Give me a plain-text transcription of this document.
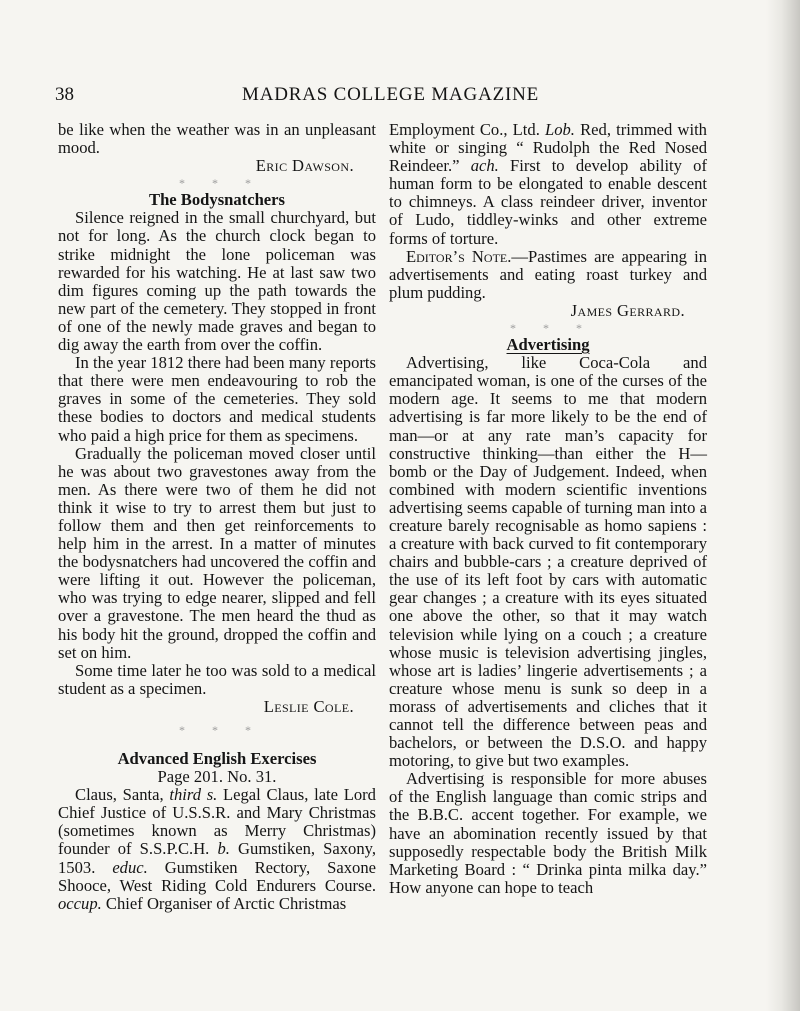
38	MADRAS COLLEGE MAGAZINE

be like when the weather was in an unpleasant mood.

Eric Dawson.

* * *

The Bodysnatchers

Silence reigned in the small churchyard, but not for long. As the church clock began to strike midnight the lone policeman was rewarded for his watching. He at last saw two dim figures coming up the path towards the new part of the cemetery. They stopped in front of one of the newly made graves and began to dig away the earth from over the coffin.

In the year 1812 there had been many reports that there were men endeavouring to rob the graves in some of the cemeteries. They sold these bodies to doctors and medical students who paid a high price for them as specimens.

Gradually the policeman moved closer until he was about two gravestones away from the men. As there were two of them he did not think it wise to try to arrest them but just to follow them and then get reinforcements to help him in the arrest. In a matter of minutes the bodysnatchers had uncovered the coffin and were lifting it out. However the policeman, who was trying to edge nearer, slipped and fell over a gravestone. The men heard the thud as his body hit the ground, dropped the coffin and set on him.

Some time later he too was sold to a medical student as a specimen.

Leslie Cole.

* * *

Advanced English Exercises

Page 201. No. 31.

Claus, Santa, third s. Legal Claus, late Lord Chief Justice of U.S.S.R. and Mary Christmas (sometimes known as Merry Christmas) founder of S.S.P.C.H. b. Gumstiken, Saxony, 1503. educ. Gumstiken Rectory, Saxone Shooce, West Riding Cold Endurers Course. occup. Chief Organiser of Arctic Christmas

Employment Co., Ltd. Lob. Red, trimmed with white or singing “ Rudolph the Red Nosed Reindeer.” ach. First to develop ability of human form to be elongated to enable descent to chimneys. A class reindeer driver, inventor of Ludo, tiddley-winks and other extreme forms of torture.

Editor’s Note.—Pastimes are appearing in advertisements and eating roast turkey and plum pudding.

James Gerrard.

* * *

Advertising

Advertising, like Coca-Cola and emancipated woman, is one of the curses of the modern age. It seems to me that modern advertising is far more likely to be the end of man—or at any rate man’s capacity for constructive thinking—than either the H—bomb or the Day of Judgement. Indeed, when combined with modern scientific inventions advertising seems capable of turning man into a creature barely recognisable as homo sapiens : a creature with back curved to fit contemporary chairs and bubble-cars ; a creature deprived of the use of its left foot by cars with automatic gear changes ; a creature with its eyes situated one above the other, so that it may watch television while lying on a couch ; a creature whose music is television advertising jingles, whose art is ladies’ lingerie advertisements ; a creature whose menu is sunk so deep in a morass of advertisements and cliches that it cannot tell the difference between peas and bachelors, or between the D.S.O. and happy motoring, to give but two examples.

Advertising is responsible for more abuses of the English language than comic strips and the B.B.C. accent together. For example, we have an abomination recently issued by that supposedly respectable body the British Milk Marketing Board : “ Drinka pinta milka day.” How anyone can hope to teach
